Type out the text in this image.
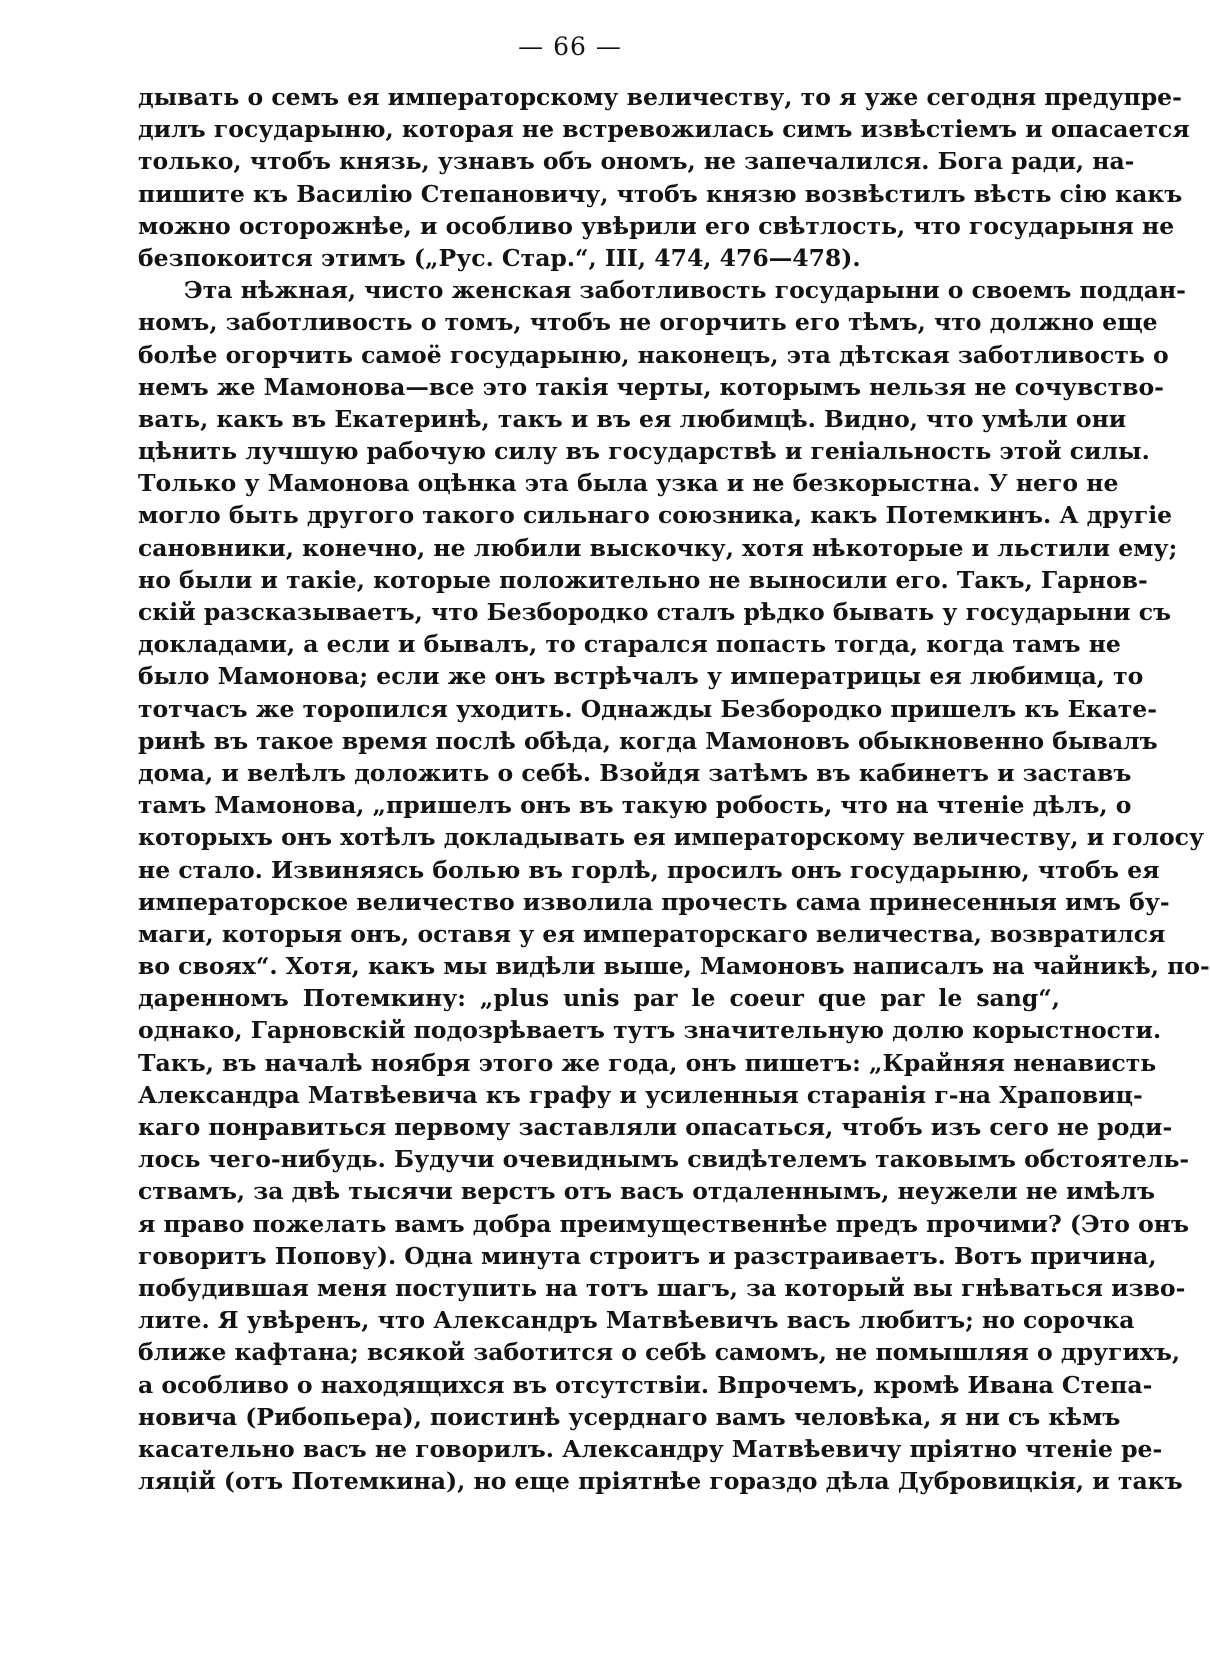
— 66 —
дывать о семъ ея императорскому величеству, то я уже сегодня предупре-
дилъ государыню, которая не встревожилась симъ извѣстіемъ и опасается
только, чтобъ князь, узнавъ объ ономъ, не запечалился. Бога ради, на-
пишите къ Василію Степановичу, чтобъ князю возвѣстилъ вѣсть сію какъ
можно осторожнѣе, и особливо увѣрили его свѣтлость, что государыня не
безпокоится этимъ („Рус. Стар.“, III, 474, 476—478).
Эта нѣжная, чисто женская заботливость государыни о своемъ поддан-
номъ, заботливость о томъ, чтобъ не огорчить его тѣмъ, что должно еще
болѣе огорчить самоё государыню, наконецъ, эта дѣтская заботливость о
немъ же Мамонова—все это такія черты, которымъ нельзя не сочувство-
вать, какъ въ Екатеринѣ, такъ и въ ея любимцѣ. Видно, что умѣли они
цѣнить лучшую рабочую силу въ государствѣ и геніальность этой силы.
Только у Мамонова оцѣнка эта была узка и не безкорыстна. У него не
могло быть другого такого сильнаго союзника, какъ Потемкинъ. А другіе
сановники, конечно, не любили выскочку, хотя нѣкоторые и льстили ему;
но были и такіе, которые положительно не выносили его. Такъ, Гарнов-
скій разсказываетъ, что Безбородко сталъ рѣдко бывать у государыни съ
докладами, а если и бывалъ, то старался попасть тогда, когда тамъ не
было Мамонова; если же онъ встрѣчалъ у императрицы ея любимца, то
тотчасъ же торопился уходить. Однажды Безбородко пришелъ къ Екате-
ринѣ въ такое время послѣ обѣда, когда Мамоновъ обыкновенно бывалъ
дома, и велѣлъ доложить о себѣ. Взойдя затѣмъ въ кабинетъ и заставъ
тамъ Мамонова, „пришелъ онъ въ такую робость, что на чтеніе дѣлъ, о
которыхъ онъ хотѣлъ докладывать ея императорскому величеству, и голосу
не стало. Извиняясь болью въ горлѣ, просилъ онъ государыню, чтобъ ея
императорское величество изволила прочесть сама принесенныя имъ бу-
маги, которыя онъ, оставя у ея императорскаго величества, возвратился
во своях“. Хотя, какъ мы видѣли выше, Мамоновъ написалъ на чайникѣ, по-
даренномъ Потемкину: „plus unis par le coeur que par le sang“,
однако, Гарновскій подозрѣваетъ тутъ значительную долю корыстности.
Такъ, въ началѣ ноября этого же года, онъ пишетъ: „Крайняя ненависть
Александра Матвѣевича къ графу и усиленныя старанія г-на Храповиц-
каго понравиться первому заставляли опасаться, чтобъ изъ сего не роди-
лось чего-нибудь. Будучи очевиднымъ свидѣтелемъ таковымъ обстоятель-
ствамъ, за двѣ тысячи верстъ отъ васъ отдаленнымъ, неужели не имѣлъ
я право пожелать вамъ добра преимущественнѣе предъ прочими? (Это онъ
говоритъ Попову). Одна минута строитъ и разстраиваетъ. Вотъ причина,
побудившая меня поступить на тотъ шагъ, за который вы гнѣваться изво-
лите. Я увѣренъ, что Александръ Матвѣевичъ васъ любитъ; но сорочка
ближе кафтана; всякой заботится о себѣ самомъ, не помышляя о другихъ,
а особливо о находящихся въ отсутствіи. Впрочемъ, кромѣ Ивана Степа-
новича (Рибопьера), поистинѣ усерднаго вамъ человѣка, я ни съ кѣмъ
касательно васъ не говорилъ. Александру Матвѣевичу пріятно чтеніе ре-
ляцій (отъ Потемкина), но еще пріятнѣе гораздо дѣла Дубровицкія, и такъ
